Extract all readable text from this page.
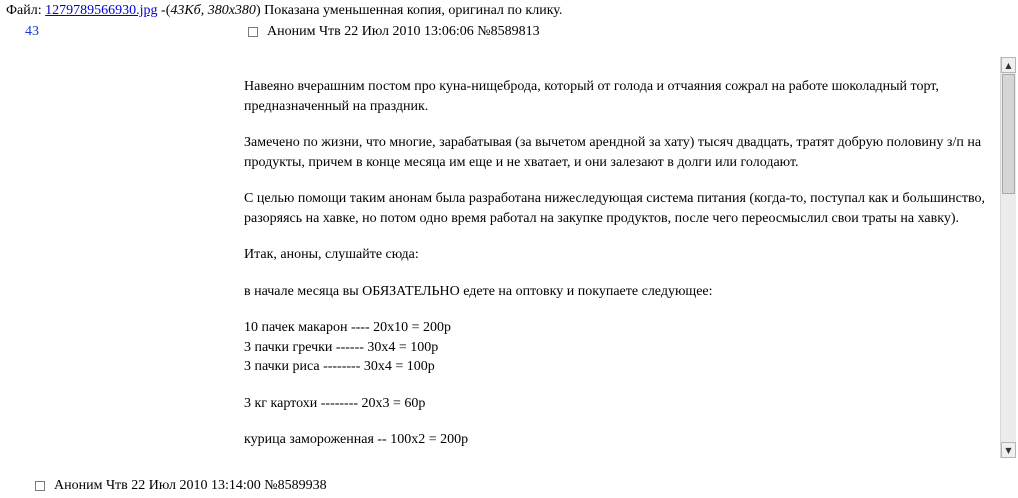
Файл: 1279789566930.jpg -(43Кб, 380x380) Показана уменьшенная копия, оригинал по клику.
43	Аноним Чтв 22 Июл 2010 13:06:06 №8589813

Навеяно вчерашним постом про куна-нищеброда, который от голода и отчаяния сожрал на работе шоколадный торт, предназначенный на праздник.

Замечено по жизни, что многие, зарабатывая (за вычетом арендной за хату) тысяч двадцать, тратят добрую половину з/п на продукты, причем в конце месяца им еще и не хватает, и они залезают в долги или голодают.

С целью помощи таким анонам была разработана нижеследующая система питания (когда-то, поступал как и большинство, разоряясь на хавке, но потом одно время работал на закупке продуктов, после чего переосмыслил свои траты на хавку).

Итак, аноны, слушайте сюда:

в начале месяца вы ОБЯЗАТЕЛЬНО едете на оптовку и покупаете следующее:

10 пачек макарон ---- 20x10 = 200р
3 пачки гречки ------ 30x4 = 100р
3 пачки риса -------- 30x4 = 100р

3 кг картохи -------- 20x3 = 60р

курица замороженная -- 100x2 = 200р

▲
▼
Аноним Чтв 22 Июл 2010 13:14:00 №8589938
